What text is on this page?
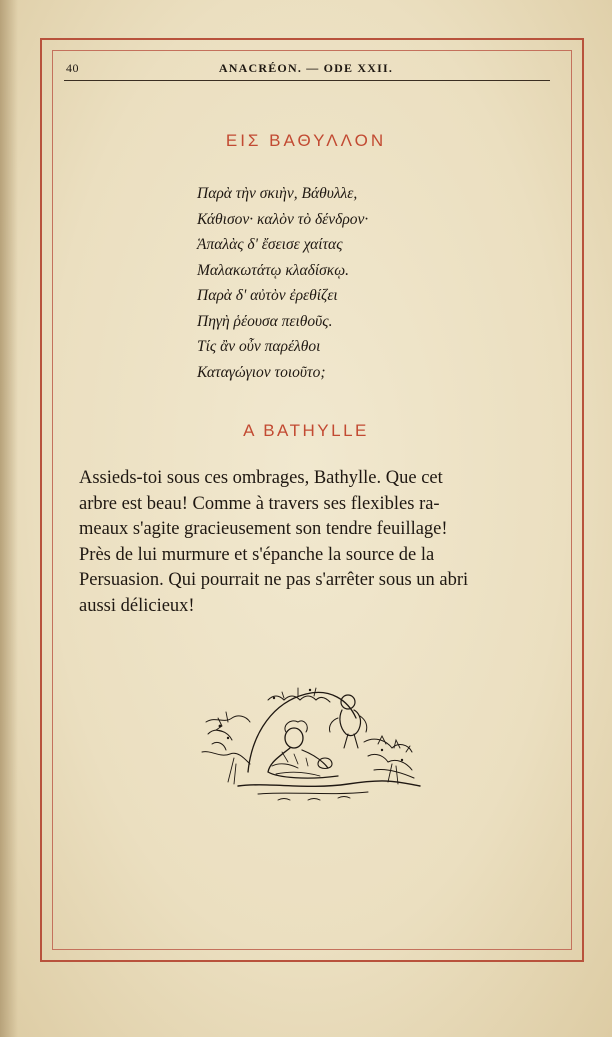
40	ANACRÉON. — ODE XXII.
ΕΙΣ ΒΑΘΥΛΛΟΝ
Παρὰ τὴν σκιὴν, Βάθυλλε,
Κάθισον· καλὸν τὸ δένδρον·
Ἁπαλὰς δ' ἔσεισε χαίτας
Μαλακωτάτῳ κλαδίσκῳ.
Παρὰ δ' αὐτὸν ἐρεθίζει
Πηγὴ ῥέουσα πειθοῦς.
Τίς ἂν οὖν παρέλθοι
Καταγώγιον τοιοῦτο;
A BATHYLLE

Assieds-toi sous ces ombrages, Bathylle. Que cet
arbre est beau! Comme à travers ses flexibles ra-
meaux s'agite gracieusement son tendre feuillage!
Près de lui murmure et s'épanche la source de la
Persuasion. Qui pourrait ne pas s'arrêter sous un abri
aussi délicieux!
